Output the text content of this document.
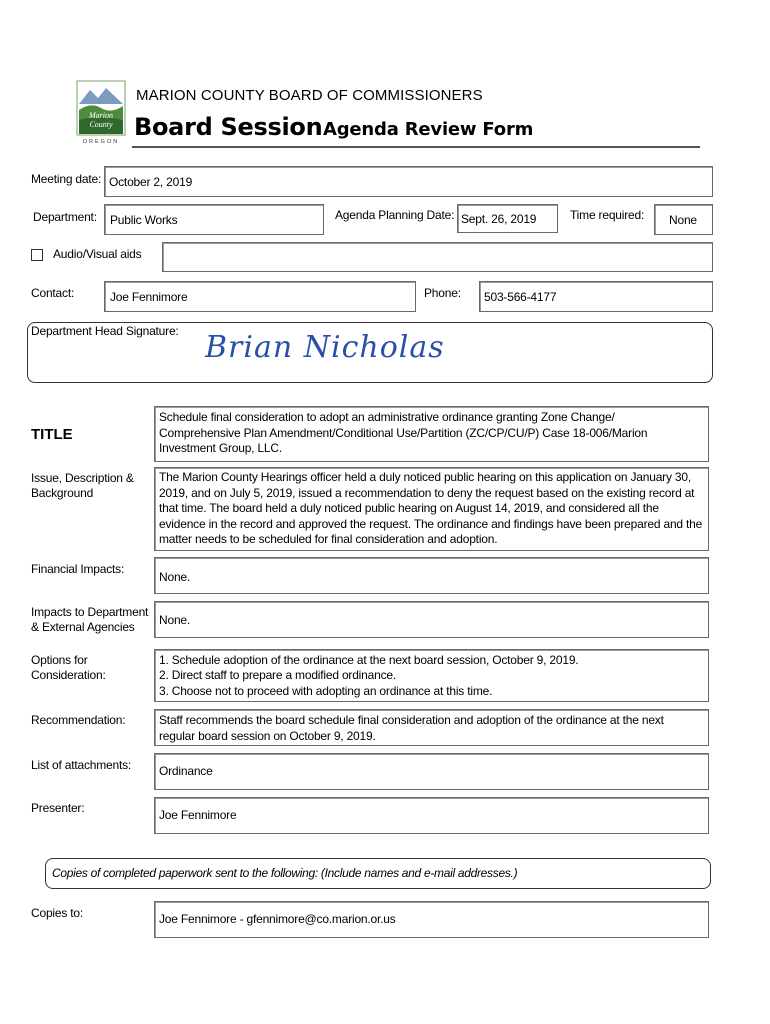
Marion
County
OREGON
MARION COUNTY BOARD OF COMMISSIONERS
Board Session Agenda Review Form
Meeting date: October 2, 2019
Department: Public Works	Agenda Planning Date: Sept. 26, 2019	Time required: None
Audio/Visual aids
Contact:	Joe Fennimore	Phone: 503-566-4177
Department Head Signature: Brian Nicholas
TITLE
Schedule final consideration to adopt an administrative ordinance granting Zone Change/ Comprehensive Plan Amendment/Conditional Use/Partition (ZC/CP/CU/P) Case 18-006/Marion Investment Group, LLC.
Issue, Description & Background
The Marion County Hearings officer held a duly noticed public hearing on this application on January 30, 2019, and on July 5, 2019, issued a recommendation to deny the request based on the existing record at that time. The board held a duly noticed public hearing on August 14, 2019, and considered all the evidence in the record and approved the request. The ordinance and findings have been prepared and the matter needs to be scheduled for final consideration and adoption.
Financial Impacts:
None.
Impacts to Department & External Agencies	None.
Options for Consideration:
1. Schedule adoption of the ordinance at the next board session, October 9, 2019.
2. Direct staff to prepare a modified ordinance.
3. Choose not to proceed with adopting an ordinance at this time.
Recommendation:	Staff recommends the board schedule final consideration and adoption of the ordinance at the next regular board session on October 9, 2019.
List of attachments: Ordinance
Presenter:	Joe Fennimore
Copies of completed paperwork sent to the following: (Include names and e-mail addresses.)
Copies to:	Joe Fennimore - gfennimore@co.marion.or.us
